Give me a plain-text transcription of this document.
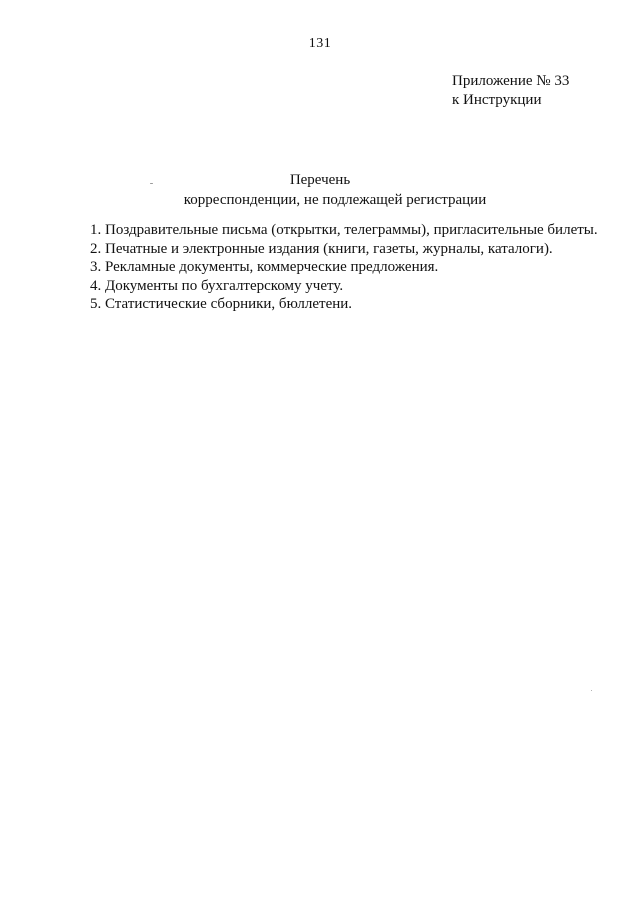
131
Приложение № 33
к Инструкции
Перечень
корреспонденции, не подлежащей регистрации
1. Поздравительные письма (открытки, телеграммы), пригласительные билеты.
2. Печатные и электронные издания (книги, газеты, журналы, каталоги).
3. Рекламные документы, коммерческие предложения.
4. Документы по бухгалтерскому учету.
5. Статистические сборники, бюллетени.
